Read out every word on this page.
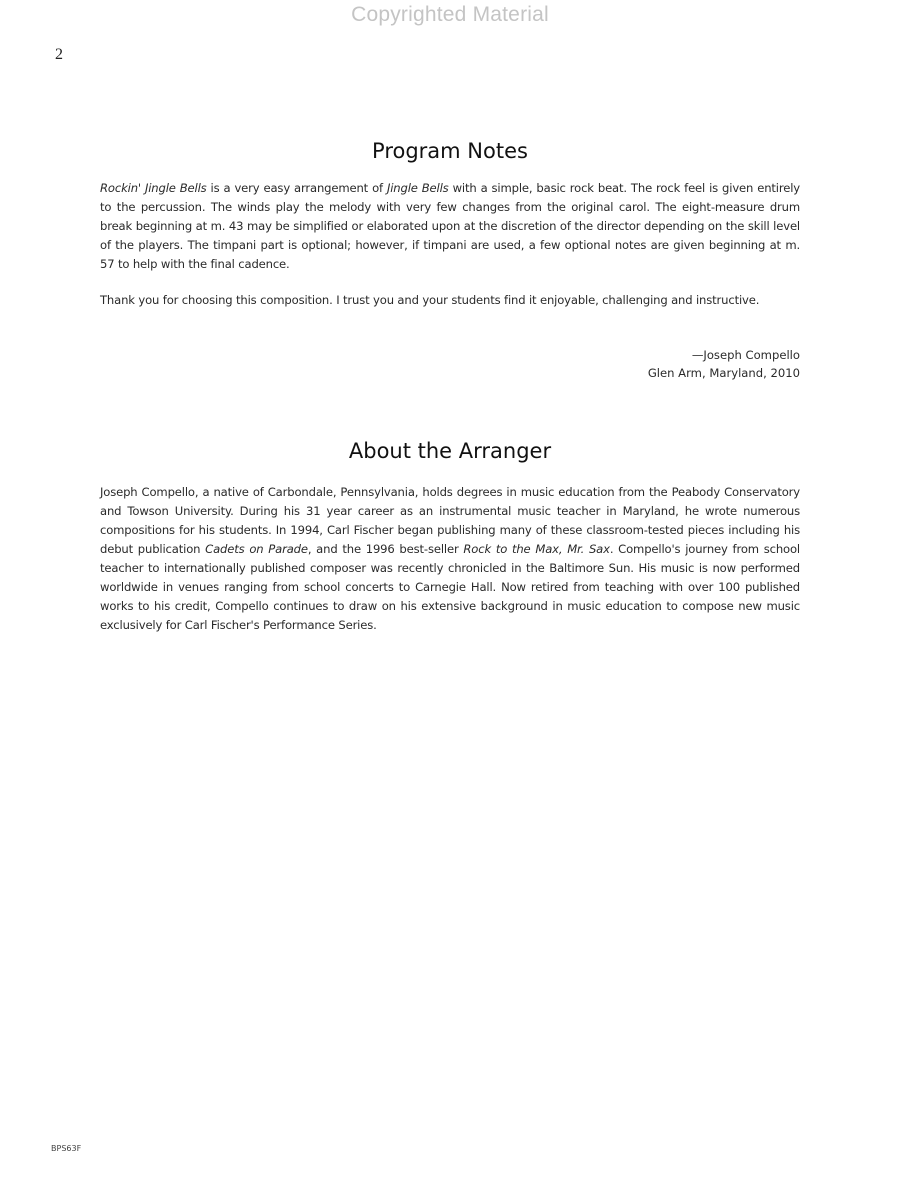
Copyrighted Material
2
Program Notes

Rockin' Jingle Bells is a very easy arrangement of Jingle Bells with a simple, basic rock beat. The rock feel is given entirely to the percussion. The winds play the melody with very few changes from the original carol. The eight-measure drum break beginning at m. 43 may be simplified or elaborated upon at the discretion of the director depending on the skill level of the players. The timpani part is optional; however, if timpani are used, a few optional notes are given beginning at m. 57 to help with the final cadence.

Thank you for choosing this composition. I trust you and your students find it enjoyable, challenging and instructive.

—Joseph Compello
Glen Arm, Maryland, 2010
About the Arranger

Joseph Compello, a native of Carbondale, Pennsylvania, holds degrees in music education from the Peabody Conservatory and Towson University. During his 31 year career as an instrumental music teacher in Maryland, he wrote numerous compositions for his students. In 1994, Carl Fischer began publishing many of these classroom-tested pieces including his debut publication Cadets on Parade, and the 1996 best-seller Rock to the Max, Mr. Sax. Compello's journey from school teacher to internationally published composer was recently chronicled in the Baltimore Sun. His music is now performed worldwide in venues ranging from school concerts to Carnegie Hall. Now retired from teaching with over 100 published works to his credit, Compello continues to draw on his extensive background in music education to compose new music exclusively for Carl Fischer's Performance Series.

BPS63F
